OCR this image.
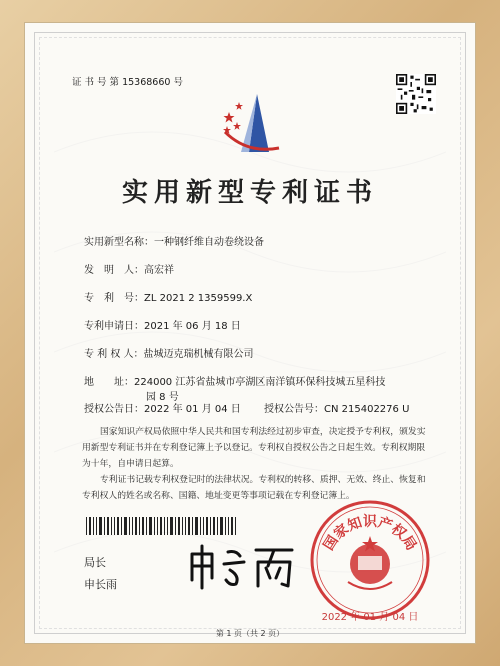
证 书 号 第 15368660 号
实用新型专利证书
实用新型名称：一种钢纤维自动卷绕设备
发　明　人：高宏祥
专　利　号：ZL 2021 2 1359599.X
专利申请日：2021 年 06 月 18 日
专 利 权 人：盐城迈克瑞机械有限公司
地　　址：224000 江苏省盐城市亭湖区南洋镇环保科技城五星科技
园 8 号
授权公告日：2022 年 01 月 04 日 授权公告号：CN 215402276 U
国家知识产权局依照中华人民共和国专利法经过初步审查，决定授予专利权，颁发实用新型专利证书并在专利登记簿上予以登记。专利权自授权公告之日起生效。专利权期限为十年，自申请日起算。
专利证书记载专利权登记时的法律状况。专利权的转移、质押、无效、终止、恢复和专利权人的姓名或名称、国籍、地址变更等事项记载在专利登记簿上。
局长
申长雨
国家知识产权局
2022 年 01 月 04 日
第 1 页（共 2 页）
